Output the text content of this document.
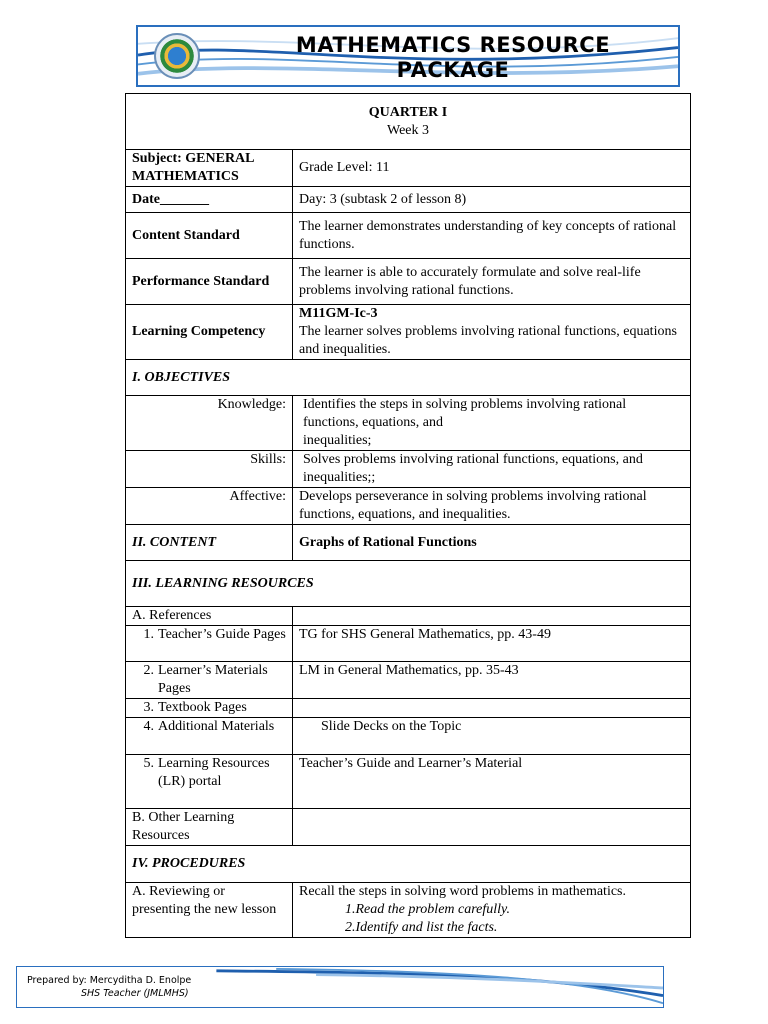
MATHEMATICS RESOURCE PACKAGE
QUARTER I
Week 3	

Subject: GENERAL MATHEMATICS	Grade Level: 11
Date_______	Day: 3 (subtask 2 of lesson 8)
Content Standard	The learner demonstrates understanding of key concepts of rational functions.
Performance Standard	The learner is able to accurately formulate and solve real-life problems involving rational functions.
Learning Competency	M11GM-Ic-3
The learner solves problems involving rational functions, equations and inequalities.

I. OBJECTIVES	
Knowledge:	Identifies the steps in solving problems involving rational functions, equations, and
inequalities;

Skills:	Solves problems involving rational functions, equations, and inequalities;;
Affective:	Develops perseverance in solving problems involving rational functions, equations, and inequalities.
II. CONTENT	Graphs of Rational Functions
III. LEARNING RESOURCES	
A. References	

1. Teacher’s Guide Pages	TG for SHS General Mathematics, pp. 43-49

2. Learner’s Materials Pages	LM in General Mathematics, pp. 35-43

3. Textbook Pages	

4. Additional Materials	Slide Decks on the Topic

5. Learning Resources (LR) portal	Teacher’s Guide and Learner’s Material
B. Other Learning Resources	
IV. PROCEDURES	
A. Reviewing or presenting the new lesson	Recall the steps in solving word problems in mathematics.
1.Read the problem carefully.
2.Identify and list the facts.
Prepared by: Mercyditha D. Enolpe
SHS Teacher (JMLMHS)
